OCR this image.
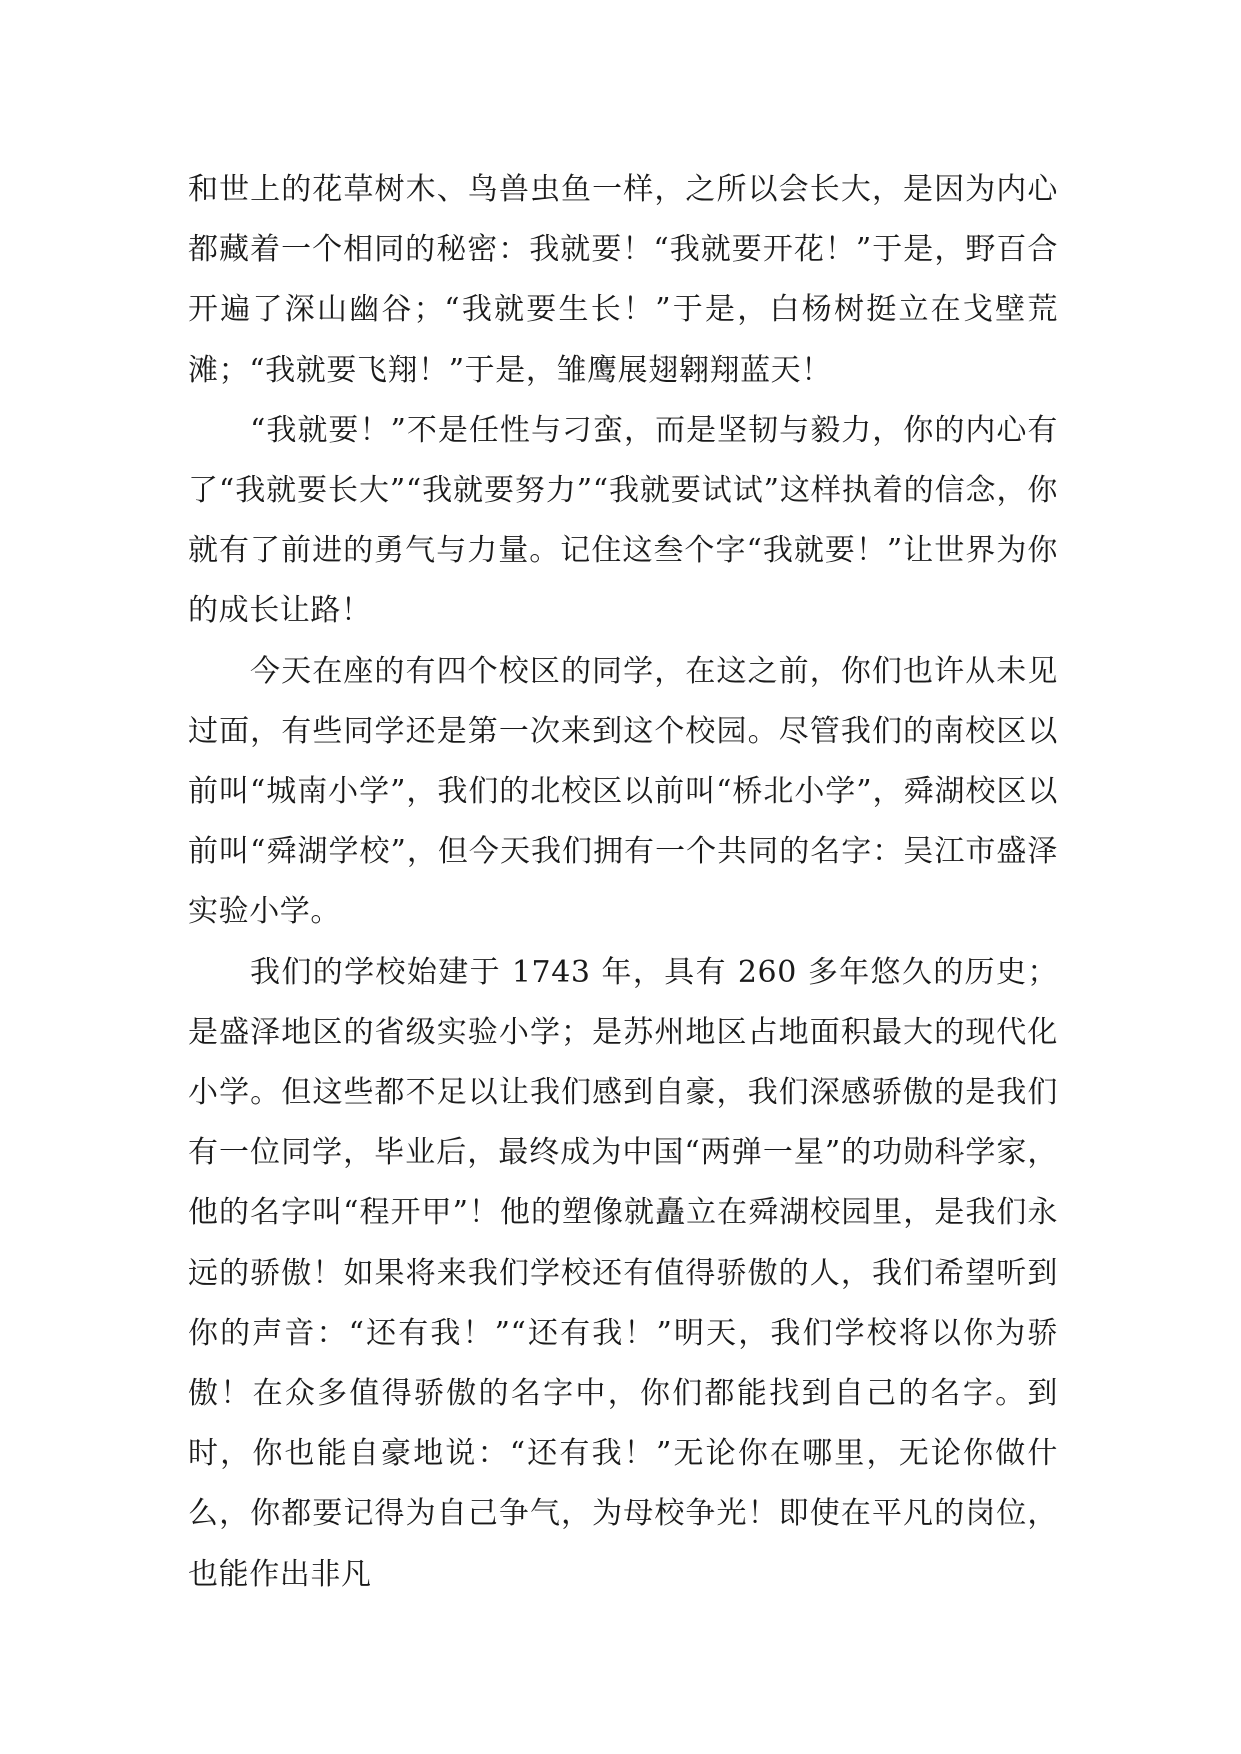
和世上的花草树木、鸟兽虫鱼一样，之所以会长大，是因为内心都藏着一个相同的秘密：我就要！“我就要开花！”于是，野百合开遍了深山幽谷；“我就要生长！”于是，白杨树挺立在戈壁荒滩；“我就要飞翔！”于是，雏鹰展翅翱翔蓝天！

“我就要！”不是任性与刁蛮，而是坚韧与毅力，你的内心有了“我就要长大”“我就要努力”“我就要试试”这样执着的信念，你就有了前进的勇气与力量。记住这叁个字“我就要！”让世界为你的成长让路！

今天在座的有四个校区的同学，在这之前，你们也许从未见过面，有些同学还是第一次来到这个校园。尽管我们的南校区以前叫“城南小学”，我们的北校区以前叫“桥北小学”，舜湖校区以前叫“舜湖学校”，但今天我们拥有一个共同的名字：吴江市盛泽实验小学。

我们的学校始建于 1743 年，具有 260 多年悠久的历史；是盛泽地区的省级实验小学；是苏州地区占地面积最大的现代化小学。但这些都不足以让我们感到自豪，我们深感骄傲的是我们有一位同学，毕业后，最终成为中国“两弹一星”的功勋科学家，他的名字叫“程开甲”！他的塑像就矗立在舜湖校园里，是我们永远的骄傲！如果将来我们学校还有值得骄傲的人，我们希望听到你的声音：“还有我！”“还有我！”明天，我们学校将以你为骄傲！在众多值得骄傲的名字中，你们都能找到自己的名字。到时，你也能自豪地说：“还有我！”无论你在哪里，无论你做什么，你都要记得为自己争气，为母校争光！即使在平凡的岗位，也能作出非凡
